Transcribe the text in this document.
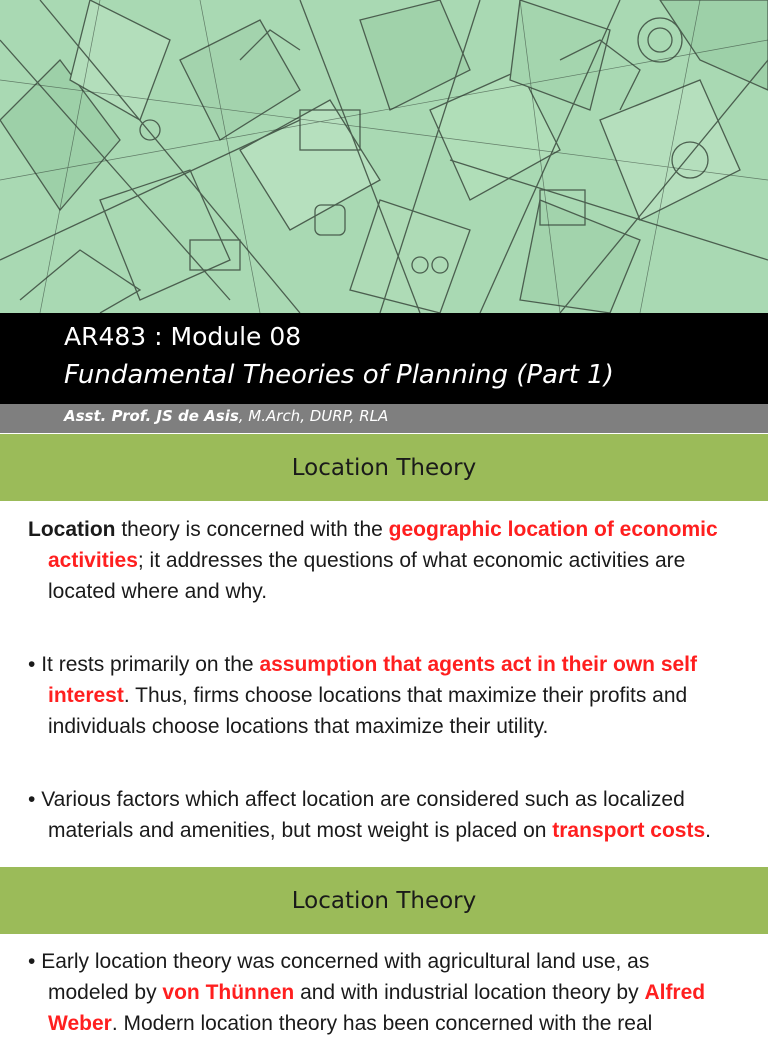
AR483 : Module 08
Fundamental Theories of Planning (Part 1)
Asst. Prof. JS de Asis, M.Arch, DURP, RLA
Location Theory
Location theory is concerned with the geographic location of economic
activities; it addresses the questions of what economic activities are
located where and why.
• It rests primarily on the assumption that agents act in their own self
interest. Thus, firms choose locations that maximize their profits and
individuals choose locations that maximize their utility.
• Various factors which affect location are considered such as localized
materials and amenities, but most weight is placed on transport costs.
Location Theory
• Early location theory was concerned with agricultural land use, as
modeled by von Thünnen and with industrial location theory by Alfred
Weber. Modern location theory has been concerned with the real
